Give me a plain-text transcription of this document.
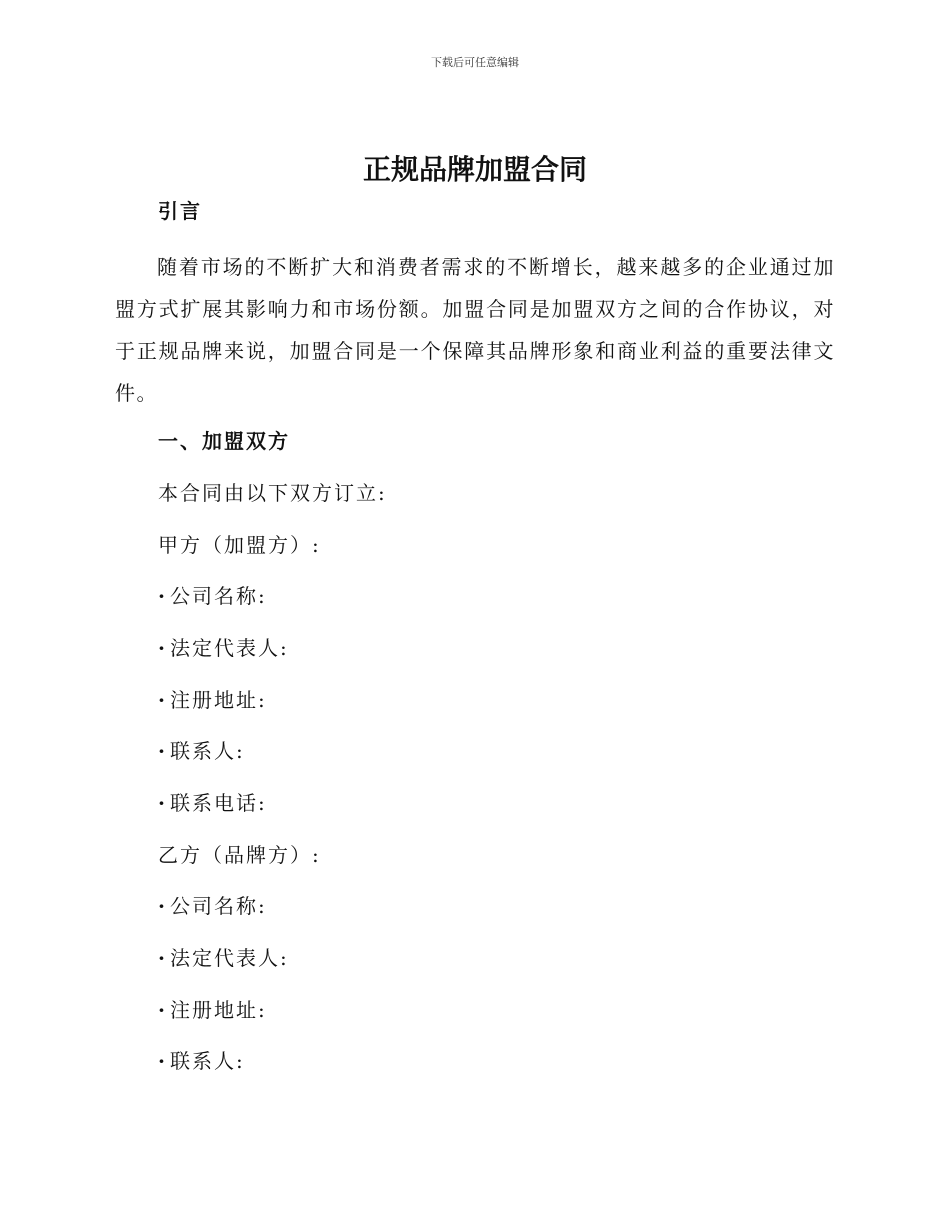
下载后可任意编辑
正规品牌加盟合同
引言

随着市场的不断扩大和消费者需求的不断增长，越来越多的企业通过加盟方式扩展其影响力和市场份额。加盟合同是加盟双方之间的合作协议，对于正规品牌来说，加盟合同是一个保障其品牌形象和商业利益的重要法律文件。

一、加盟双方

本合同由以下双方订立:

甲方（加盟方）:

· 公司名称:

· 法定代表人:

· 注册地址:

· 联系人:

· 联系电话:

乙方（品牌方）:

· 公司名称:

· 法定代表人:

· 注册地址:

· 联系人:
